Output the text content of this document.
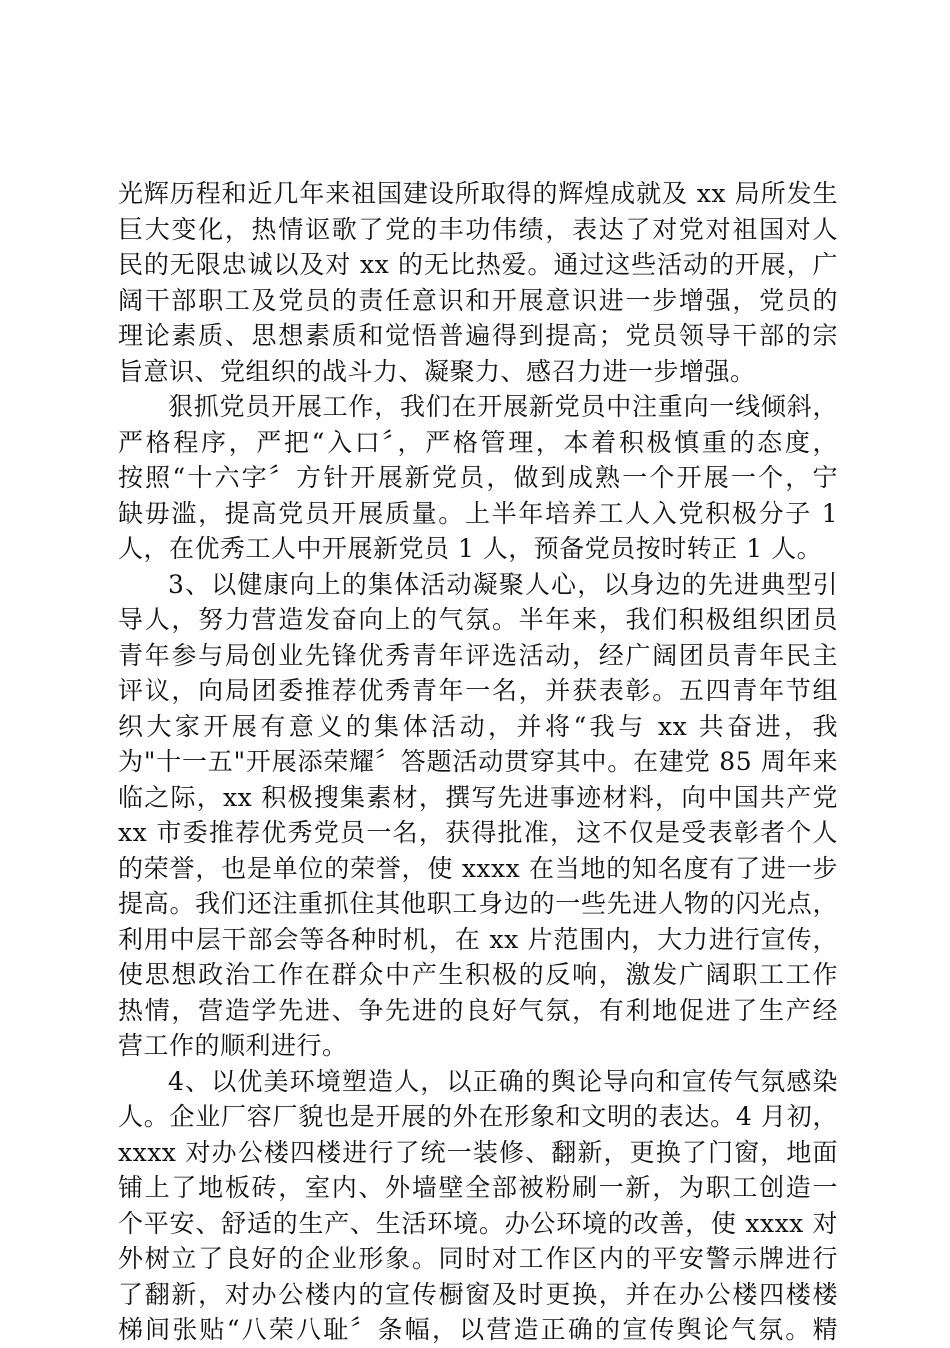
光辉历程和近几年来祖国建设所取得的辉煌成就及 xx 局所发生
巨大变化，热情讴歌了党的丰功伟绩，表达了对党对祖国对人
民的无限忠诚以及对 xx 的无比热爱。通过这些活动的开展，广
阔干部职工及党员的责任意识和开展意识进一步增强，党员的
理论素质、思想素质和觉悟普遍得到提高；党员领导干部的宗
旨意识、党组织的战斗力、凝聚力、感召力进一步增强。
狠抓党员开展工作，我们在开展新党员中注重向一线倾斜，
严格程序，严把“入口〞，严格管理，本着积极慎重的态度，
按照“十六字〞方针开展新党员，做到成熟一个开展一个，宁
缺毋滥，提高党员开展质量。上半年培养工人入党积极分子 1
人，在优秀工人中开展新党员 1 人，预备党员按时转正 1 人。
3、以健康向上的集体活动凝聚人心，以身边的先进典型引
导人，努力营造发奋向上的气氛。半年来，我们积极组织团员
青年参与局创业先锋优秀青年评选活动，经广阔团员青年民主
评议，向局团委推荐优秀青年一名，并获表彰。五四青年节组
织大家开展有意义的集体活动，并将“我与 xx 共奋进，我
为"十一五"开展添荣耀〞答题活动贯穿其中。在建党 85 周年来
临之际，xx 积极搜集素材，撰写先进事迹材料，向中国共产党
xx 市委推荐优秀党员一名，获得批准，这不仅是受表彰者个人
的荣誉，也是单位的荣誉，使 xxxx 在当地的知名度有了进一步
提高。我们还注重抓住其他职工身边的一些先进人物的闪光点，
利用中层干部会等各种时机，在 xx 片范围内，大力进行宣传，
使思想政治工作在群众中产生积极的反响，激发广阔职工工作
热情，营造学先进、争先进的良好气氛，有利地促进了生产经
营工作的顺利进行。
4、以优美环境塑造人，以正确的舆论导向和宣传气氛感染
人。企业厂容厂貌也是开展的外在形象和文明的表达。4 月初，
xxxx 对办公楼四楼进行了统一装修、翻新，更换了门窗，地面
铺上了地板砖，室内、外墙壁全部被粉刷一新，为职工创造一
个平安、舒适的生产、生活环境。办公环境的改善，使 xxxx 对
外树立了良好的企业形象。同时对工作区内的平安警示牌进行
了翻新，对办公楼内的宣传橱窗及时更换，并在办公楼四楼楼
梯间张贴“八荣八耻〞条幅，以营造正确的宣传舆论气氛。精
